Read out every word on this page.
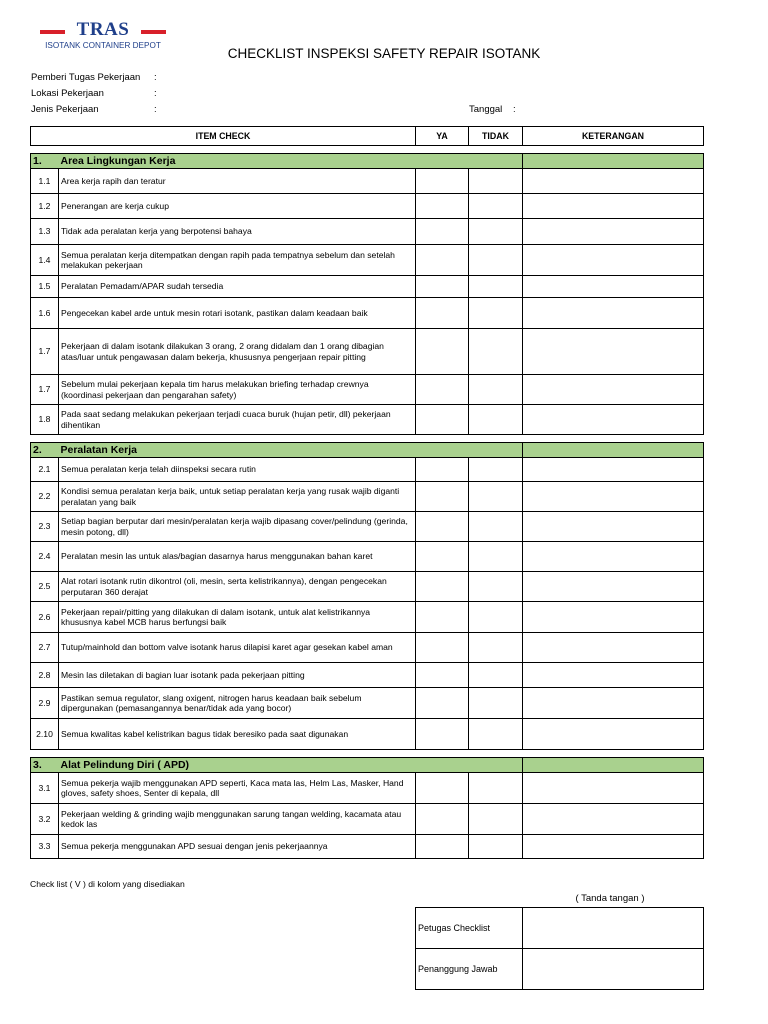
TRAS
ISOTANK CONTAINER DEPOT
CHECKLIST INSPEKSI SAFETY REPAIR ISOTANK
Pemberi Tugas Pekerjaan :
Lokasi Pekerjaan	:
Jenis Pekerjaan	:	Tanggal :
ITEM CHECK		YA	TIDAK	KETERANGAN

1.	Area Lingkungan Kerja			
1.1	Area kerja rapih dan teratur			
1.2	Penerangan are kerja cukup			
1.3	Tidak ada peralatan kerja yang berpotensi bahaya			
1.4	Semua peralatan kerja ditempatkan dengan rapih pada tempatnya sebelum dan setelah melakukan pekerjaan			
1.5	Peralatan Pemadam/APAR sudah tersedia			
1.6	Pengecekan kabel arde untuk mesin rotari isotank, pastikan dalam keadaan baik			
1.7	Pekerjaan di dalam isotank dilakukan 3 orang, 2 orang didalam dan 1 orang dibagian atas/luar untuk pengawasan dalam bekerja, khususnya pengerjaan repair pitting			
1.7	Sebelum mulai pekerjaan kepala tim harus melakukan briefing terhadap crewnya (koordinasi pekerjaan dan pengarahan safety)			
1.8	Pada saat sedang melakukan pekerjaan terjadi cuaca buruk (hujan petir, dll) pekerjaan dihentikan			

2.	Peralatan Kerja			
2.1	Semua peralatan kerja telah diinspeksi secara rutin			
2.2	Kondisi semua peralatan kerja baik, untuk setiap peralatan kerja yang rusak wajib diganti peralatan yang baik			
2.3	Setiap bagian berputar dari mesin/peralatan kerja wajib dipasang cover/pelindung (gerinda, mesin potong, dll)			
2.4	Peralatan mesin las untuk alas/bagian dasarnya harus menggunakan bahan karet			
2.5	Alat rotari isotank rutin dikontrol (oli, mesin, serta kelistrikannya), dengan pengecekan perputaran 360 derajat			
2.6	Pekerjaan repair/pitting yang dilakukan di dalam isotank, untuk alat kelistrikannya khususnya kabel MCB harus berfungsi baik			
2.7	Tutup/mainhold dan bottom valve isotank harus dilapisi karet agar gesekan kabel aman			
2.8	Mesin las diletakan di bagian luar isotank pada pekerjaan pitting			
2.9	Pastikan semua regulator, slang oxigent, nitrogen harus keadaan baik sebelum dipergunakan (pemasangannya benar/tidak ada yang bocor)			
2.10	Semua kwalitas kabel kelistrikan bagus tidak beresiko pada saat digunakan			

3.	Alat Pelindung Diri ( APD)			
3.1	Semua pekerja wajib menggunakan APD seperti, Kaca mata las, Helm Las, Masker, Hand gloves, safety shoes, Senter di kepala, dll			
3.2	Pekerjaan welding & grinding wajib menggunakan sarung tangan welding, kacamata atau kedok las			
3.3	Semua pekerja menggunakan APD sesuai dengan jenis pekerjaannya			
Check list ( V ) di kolom yang disediakan
( Tanda tangan )
Petugas Checklist	
Penanggung Jawab	
